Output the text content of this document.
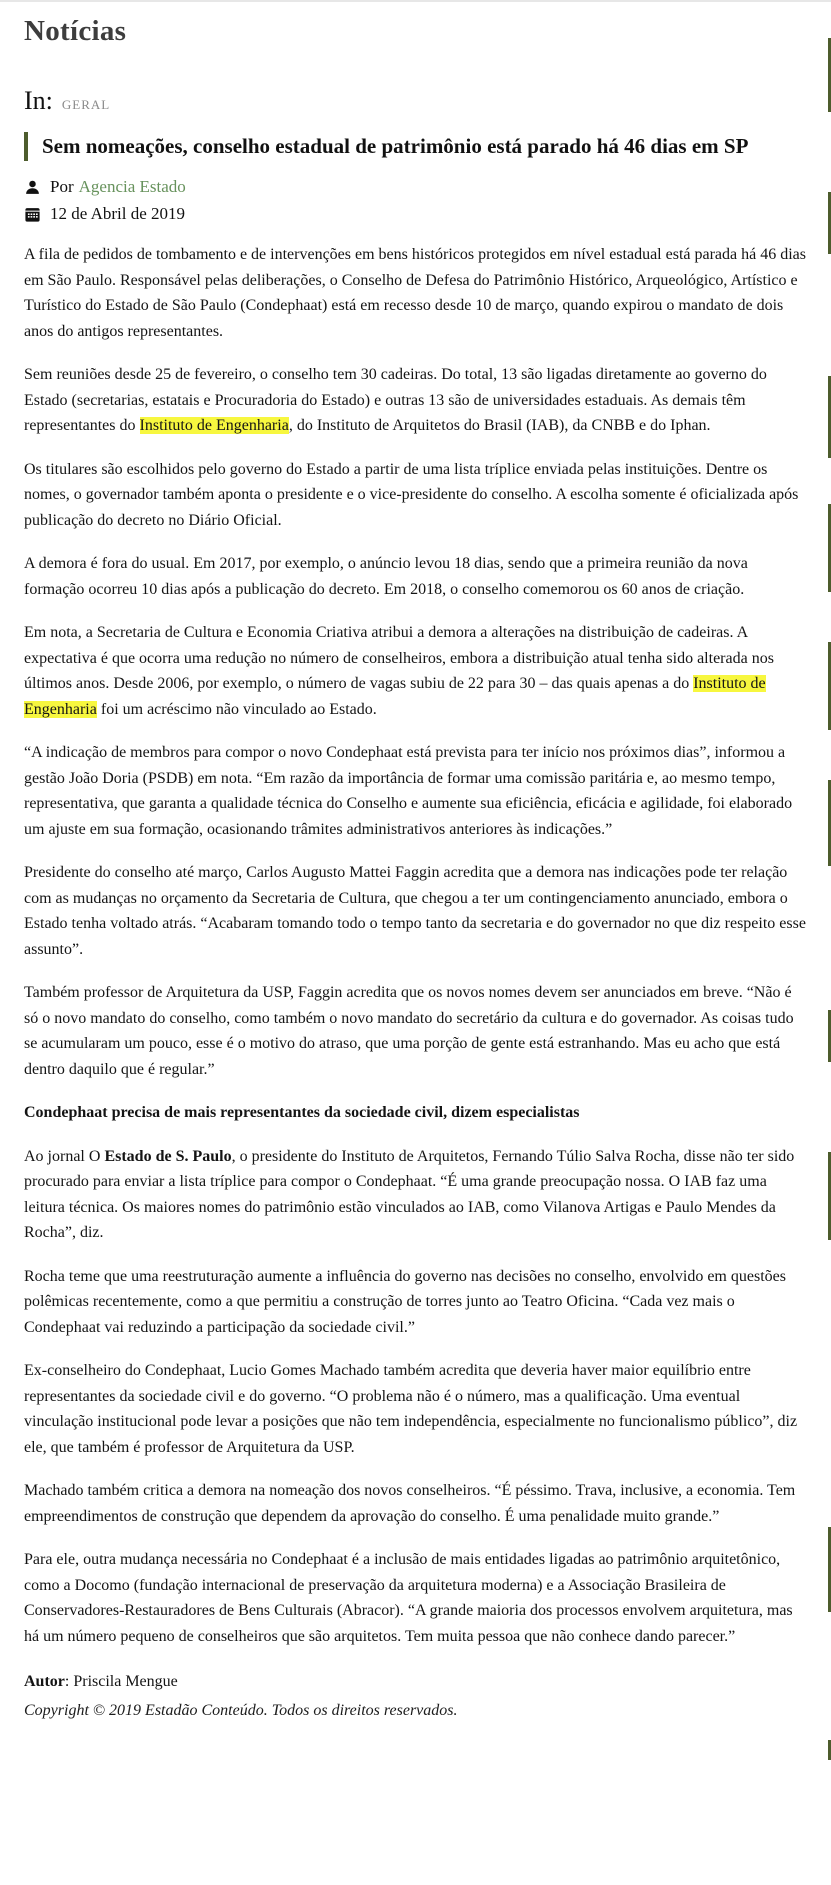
Notícias
In: GERAL
Sem nomeações, conselho estadual de patrimônio está parado há 46 dias em SP
Por Agencia Estado
12 de Abril de 2019

A fila de pedidos de tombamento e de intervenções em bens históricos protegidos em nível estadual está parada há 46 dias em São Paulo. Responsável pelas deliberações, o Conselho de Defesa do Patrimônio Histórico, Arqueológico, Artístico e Turístico do Estado de São Paulo (Condephaat) está em recesso desde 10 de março, quando expirou o mandato de dois anos do antigos representantes.

Sem reuniões desde 25 de fevereiro, o conselho tem 30 cadeiras. Do total, 13 são ligadas diretamente ao governo do Estado (secretarias, estatais e Procuradoria do Estado) e outras 13 são de universidades estaduais. As demais têm representantes do Instituto de Engenharia, do Instituto de Arquitetos do Brasil (IAB), da CNBB e do Iphan.

Os titulares são escolhidos pelo governo do Estado a partir de uma lista tríplice enviada pelas instituições. Dentre os nomes, o governador também aponta o presidente e o vice-presidente do conselho. A escolha somente é oficializada após publicação do decreto no Diário Oficial.

A demora é fora do usual. Em 2017, por exemplo, o anúncio levou 18 dias, sendo que a primeira reunião da nova formação ocorreu 10 dias após a publicação do decreto. Em 2018, o conselho comemorou os 60 anos de criação.

Em nota, a Secretaria de Cultura e Economia Criativa atribui a demora a alterações na distribuição de cadeiras. A expectativa é que ocorra uma redução no número de conselheiros, embora a distribuição atual tenha sido alterada nos últimos anos. Desde 2006, por exemplo, o número de vagas subiu de 22 para 30 – das quais apenas a do Instituto de Engenharia foi um acréscimo não vinculado ao Estado.

“A indicação de membros para compor o novo Condephaat está prevista para ter início nos próximos dias”, informou a gestão João Doria (PSDB) em nota. “Em razão da importância de formar uma comissão paritária e, ao mesmo tempo, representativa, que garanta a qualidade técnica do Conselho e aumente sua eficiência, eficácia e agilidade, foi elaborado um ajuste em sua formação, ocasionando trâmites administrativos anteriores às indicações.”

Presidente do conselho até março, Carlos Augusto Mattei Faggin acredita que a demora nas indicações pode ter relação com as mudanças no orçamento da Secretaria de Cultura, que chegou a ter um contingenciamento anunciado, embora o Estado tenha voltado atrás. “Acabaram tomando todo o tempo tanto da secretaria e do governador no que diz respeito esse assunto”.

Também professor de Arquitetura da USP, Faggin acredita que os novos nomes devem ser anunciados em breve. “Não é só o novo mandato do conselho, como também o novo mandato do secretário da cultura e do governador. As coisas tudo se acumularam um pouco, esse é o motivo do atraso, que uma porção de gente está estranhando. Mas eu acho que está dentro daquilo que é regular.”

Condephaat precisa de mais representantes da sociedade civil, dizem especialistas

Ao jornal O Estado de S. Paulo, o presidente do Instituto de Arquitetos, Fernando Túlio Salva Rocha, disse não ter sido procurado para enviar a lista tríplice para compor o Condephaat. “É uma grande preocupação nossa. O IAB faz uma leitura técnica. Os maiores nomes do patrimônio estão vinculados ao IAB, como Vilanova Artigas e Paulo Mendes da Rocha”, diz.

Rocha teme que uma reestruturação aumente a influência do governo nas decisões no conselho, envolvido em questões polêmicas recentemente, como a que permitiu a construção de torres junto ao Teatro Oficina. “Cada vez mais o Condephaat vai reduzindo a participação da sociedade civil.”

Ex-conselheiro do Condephaat, Lucio Gomes Machado também acredita que deveria haver maior equilíbrio entre representantes da sociedade civil e do governo. “O problema não é o número, mas a qualificação. Uma eventual vinculação institucional pode levar a posições que não tem independência, especialmente no funcionalismo público”, diz ele, que também é professor de Arquitetura da USP.

Machado também critica a demora na nomeação dos novos conselheiros. “É péssimo. Trava, inclusive, a economia. Tem empreendimentos de construção que dependem da aprovação do conselho. É uma penalidade muito grande.”

Para ele, outra mudança necessária no Condephaat é a inclusão de mais entidades ligadas ao patrimônio arquitetônico, como a Docomo (fundação internacional de preservação da arquitetura moderna) e a Associação Brasileira de Conservadores-Restauradores de Bens Culturais (Abracor). “A grande maioria dos processos envolvem arquitetura, mas há um número pequeno de conselheiros que são arquitetos. Tem muita pessoa que não conhece dando parecer.”

Autor: Priscila Mengue

Copyright © 2019 Estadão Conteúdo. Todos os direitos reservados.
